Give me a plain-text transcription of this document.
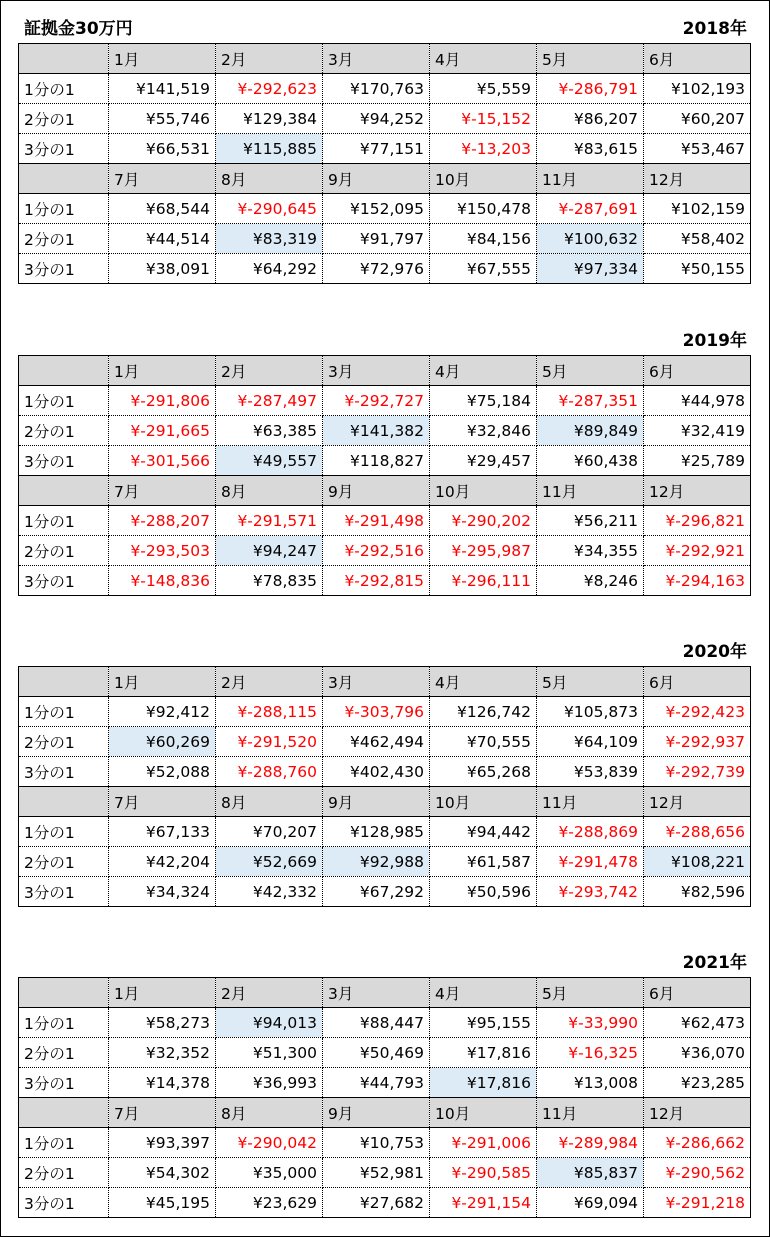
証拠金30万円	2018年
	1月	2月	3月	4月	5月	6月
1分の1	¥141,519	¥-292,623	¥170,763	¥5,559	¥-286,791	¥102,193
2分の1	¥55,746	¥129,384	¥94,252	¥-15,152	¥86,207	¥60,207
3分の1	¥66,531	¥115,885	¥77,151	¥-13,203	¥83,615	¥53,467
	7月	8月	9月	10月	11月	12月
1分の1	¥68,544	¥-290,645	¥152,095	¥150,478	¥-287,691	¥102,159
2分の1	¥44,514	¥83,319	¥91,797	¥84,156	¥100,632	¥58,402
3分の1	¥38,091	¥64,292	¥72,976	¥67,555	¥97,334	¥50,155
2019年
	1月	2月	3月	4月	5月	6月
1分の1	¥-291,806	¥-287,497	¥-292,727	¥75,184	¥-287,351	¥44,978
2分の1	¥-291,665	¥63,385	¥141,382	¥32,846	¥89,849	¥32,419
3分の1	¥-301,566	¥49,557	¥118,827	¥29,457	¥60,438	¥25,789
	7月	8月	9月	10月	11月	12月
1分の1	¥-288,207	¥-291,571	¥-291,498	¥-290,202	¥56,211	¥-296,821
2分の1	¥-293,503	¥94,247	¥-292,516	¥-295,987	¥34,355	¥-292,921
3分の1	¥-148,836	¥78,835	¥-292,815	¥-296,111	¥8,246	¥-294,163
2020年
	1月	2月	3月	4月	5月	6月
1分の1	¥92,412	¥-288,115	¥-303,796	¥126,742	¥105,873	¥-292,423
2分の1	¥60,269	¥-291,520	¥462,494	¥70,555	¥64,109	¥-292,937
3分の1	¥52,088	¥-288,760	¥402,430	¥65,268	¥53,839	¥-292,739
	7月	8月	9月	10月	11月	12月
1分の1	¥67,133	¥70,207	¥128,985	¥94,442	¥-288,869	¥-288,656
2分の1	¥42,204	¥52,669	¥92,988	¥61,587	¥-291,478	¥108,221
3分の1	¥34,324	¥42,332	¥67,292	¥50,596	¥-293,742	¥82,596
2021年
	1月	2月	3月	4月	5月	6月
1分の1	¥58,273	¥94,013	¥88,447	¥95,155	¥-33,990	¥62,473
2分の1	¥32,352	¥51,300	¥50,469	¥17,816	¥-16,325	¥36,070
3分の1	¥14,378	¥36,993	¥44,793	¥17,816	¥13,008	¥23,285
	7月	8月	9月	10月	11月	12月
1分の1	¥93,397	¥-290,042	¥10,753	¥-291,006	¥-289,984	¥-286,662
2分の1	¥54,302	¥35,000	¥52,981	¥-290,585	¥85,837	¥-290,562
3分の1	¥45,195	¥23,629	¥27,682	¥-291,154	¥69,094	¥-291,218
